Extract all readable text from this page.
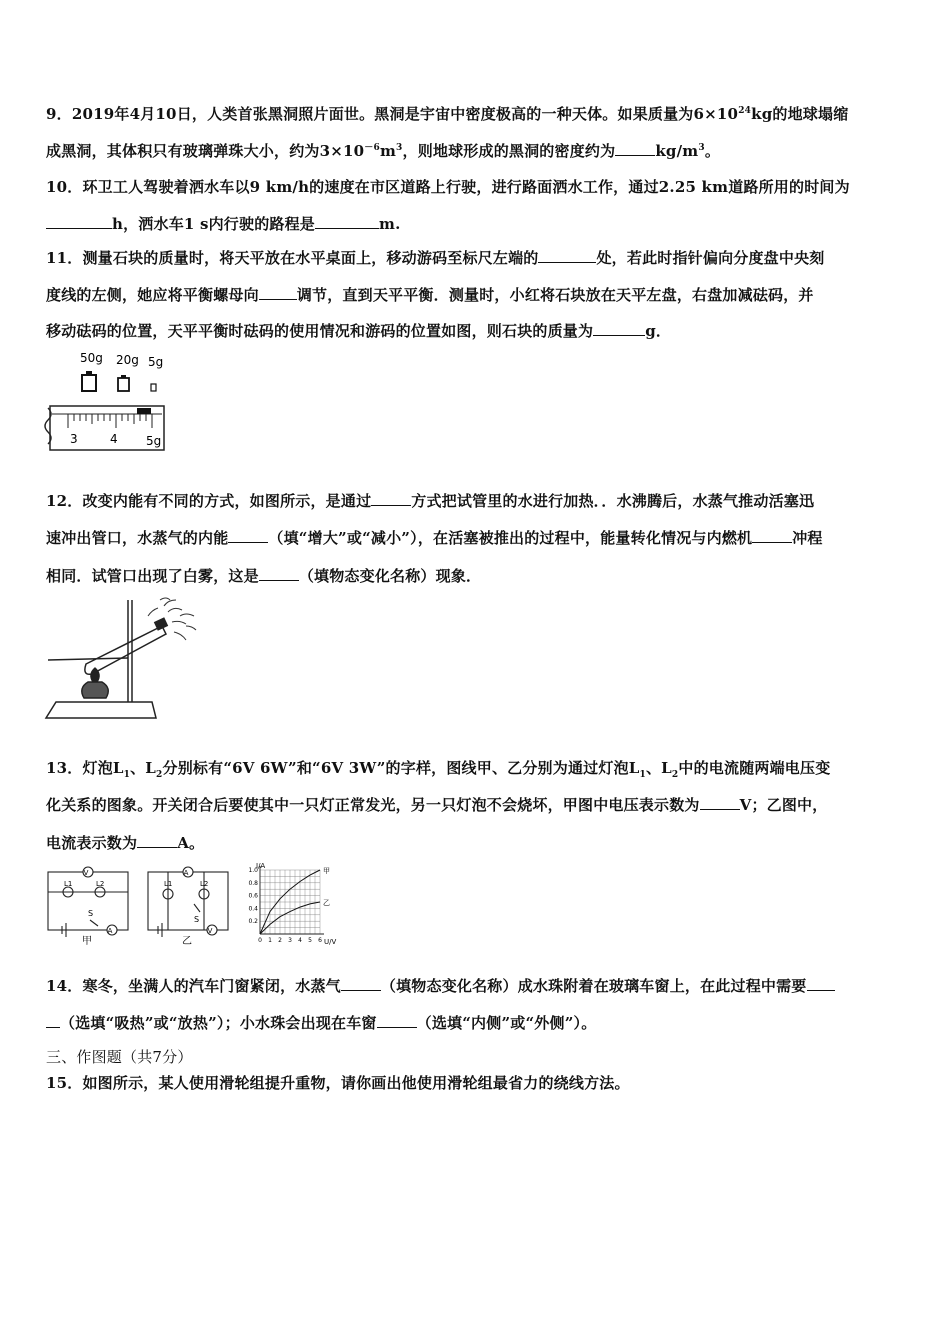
9．2019年4月10日，人类首张黑洞照片面世。黑洞是宇宙中密度极高的一种天体。如果质量为$6\times 10^{24}kg$的地球塌缩
成黑洞，其体积只有玻璃弹珠大小，约为$3\times 10^{-6}m^3$，则地球形成的黑洞的密度约为	$kg/m^3$。
10．环卫工人驾驶着洒水车以9 km/h的速度在市区道路上行驶，进行路面洒水工作，通过2.25 km道路所用的时间为
h，洒水车1 s内行驶的路程是	m.
11．测量石块的质量时，将天平放在水平桌面上，移动游码至标尺左端的	处，若此时指针偏向分度盘中央刻
度线的左侧，她应将平衡螺母向	调节，直到天平平衡．测量时，小红将石块放在天平左盘，右盘加减砝码，并
移动砝码的位置，天平平衡时砝码的使用情况和游码的位置如图，则石块的质量为	g．
50g 20g 5g
3	4 5g
12．改变内能有不同的方式，如图所示，是通过	方式把试管里的水进行加热．．水沸腾后，水蒸气推动活塞迅
速冲出管口，水蒸气的内能	（填“增大”或“减小”），在活塞被推出的过程中，能量转化情况与内燃机	冲程
相同．试管口出现了白雾，这是	（填物态变化名称）现象．
13．灯泡$L_1$、$L_2$分别标有“6V 6W”和“6V 3W”的字样，图线甲、乙分别为通过灯泡$L_1$、$L_2$中的电流随两端电压变
化关系的图象。开关闭合后要使其中一只灯正常发光，另一只灯泡不会烧坏，甲图中电压表示数为	V；乙图中，
电流表示数为	A。
V
L1	L2
S
A
甲
A
L1	L2
S
V
乙
I/A
U/V
1.0
0.8
0.6
0.4
0.2
0 1 2 3 4 5 6
甲
乙
14．寒冬，坐满人的汽车门窗紧闭，水蒸气	（填物态变化名称）成水珠附着在玻璃车窗上，在此过程中需要
（选填“吸热”或“放热”）；小水珠会出现在车窗	（选填“内侧”或“外侧”）。
三、作图题（共7分）
15．如图所示，某人使用滑轮组提升重物，请你画出他使用滑轮组最省力的绕线方法。
